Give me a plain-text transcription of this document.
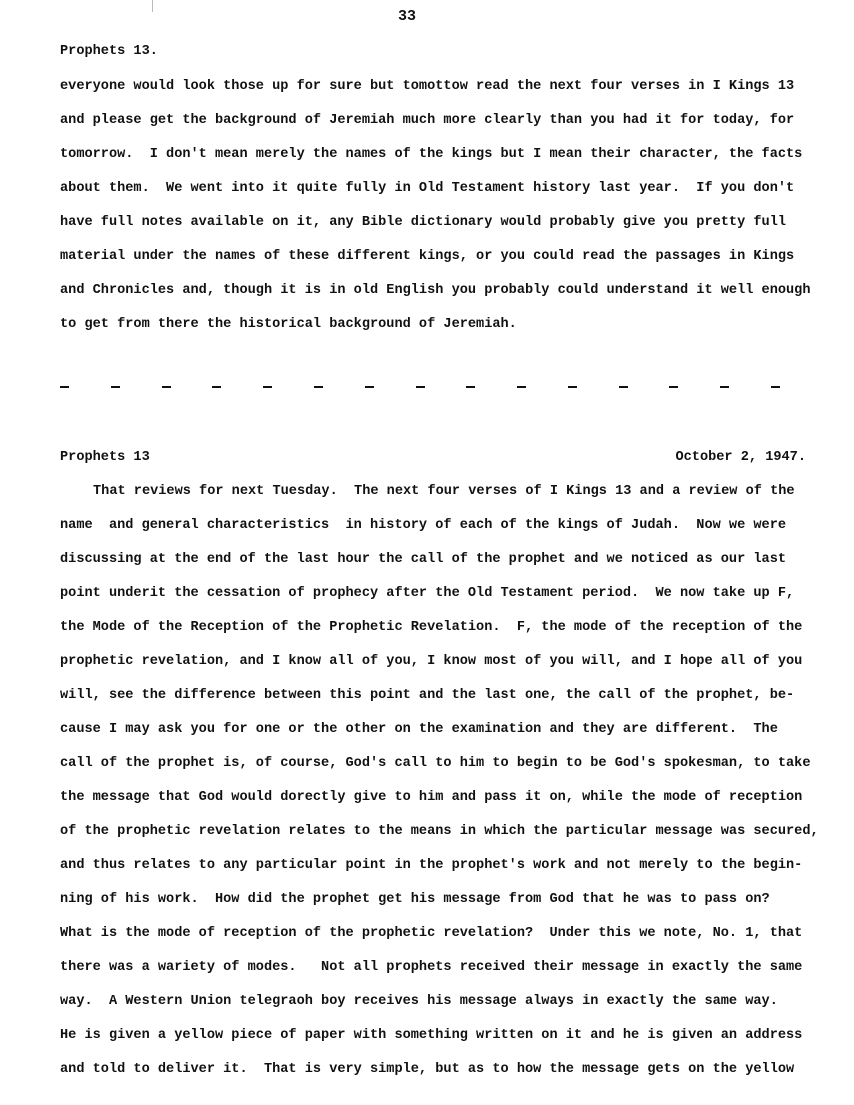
33
Prophets 13.
everyone would look those up for sure but tomottow read the next four verses in I Kings 13
and please get the background of Jeremiah much more clearly than you had it for today, for
tomorrow.  I don't mean merely the names of the kings but I mean their character, the facts
about them.  We went into it quite fully in Old Testament history last year.  If you don't
have full notes available on it, any Bible dictionary would probably give you pretty full
material under the names of these different kings, or you could read the passages in Kings
and Chronicles and, though it is in old English you probably could understand it well enough
to get from there the historical background of Jeremiah.
Prophets 13	October 2, 1947.
That reviews for next Tuesday.  The next four verses of I Kings 13 and a review of the
name  and general characteristics  in history of each of the kings of Judah.  Now we were
discussing at the end of the last hour the call of the prophet and we noticed as our last
point underit the cessation of prophecy after the Old Testament period.  We now take up F,
the Mode of the Reception of the Prophetic Revelation.  F, the mode of the reception of the
prophetic revelation, and I know all of you, I know most of you will, and I hope all of you
will, see the difference between this point and the last one, the call of the prophet, be-
cause I may ask you for one or the other on the examination and they are different.  The
call of the prophet is, of course, God's call to him to begin to be God's spokesman, to take
the message that God would dorectly give to him and pass it on, while the mode of reception
of the prophetic revelation relates to the means in which the particular message was secured,
and thus relates to any particular point in the prophet's work and not merely to the begin-
ning of his work.  How did the prophet get his message from God that he was to pass on?
What is the mode of reception of the prophetic revelation?  Under this we note, No. 1, that
there was a wariety of modes.   Not all prophets received their message in exactly the same
way.  A Western Union telegraoh boy receives his message always in exactly the same way.
He is given a yellow piece of paper with something written on it and he is given an address
and told to deliver it.  That is very simple, but as to how the message gets on the yellow
